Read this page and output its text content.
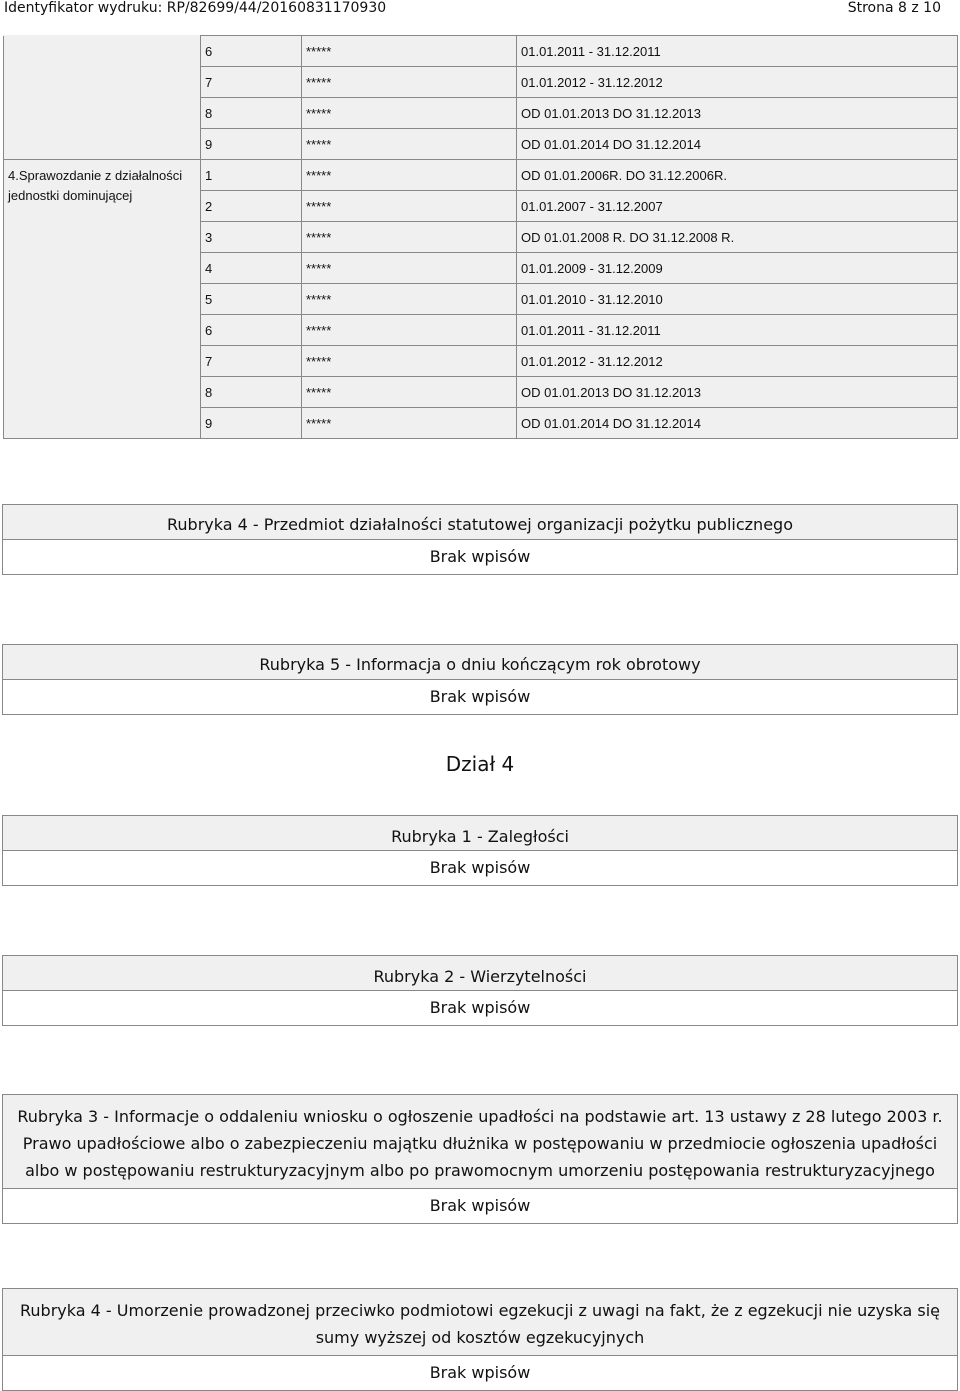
Identyfikator wydruku: RP/82699/44/20160831170930	Strona 8 z 10
	6	*****	01.01.2011 - 31.12.2011
	7	*****	01.01.2012 - 31.12.2012
	8	*****	OD 01.01.2013 DO 31.12.2013
	9	*****	OD 01.01.2014 DO 31.12.2014
4.Sprawozdanie z działalności jednostki dominującej	1	*****	OD 01.01.2006R. DO 31.12.2006R.
	2	*****	01.01.2007 - 31.12.2007
	3	*****	OD 01.01.2008 R. DO 31.12.2008 R.
	4	*****	01.01.2009 - 31.12.2009
	5	*****	01.01.2010 - 31.12.2010
	6	*****	01.01.2011 - 31.12.2011
	7	*****	01.01.2012 - 31.12.2012
	8	*****	OD 01.01.2013 DO 31.12.2013
	9	*****	OD 01.01.2014 DO 31.12.2014
Rubryka 4 - Przedmiot działalności statutowej organizacji pożytku publicznego
Brak wpisów
Rubryka 5 - Informacja o dniu kończącym rok obrotowy
Brak wpisów
Dział 4
Rubryka 1 - Zaległości
Brak wpisów
Rubryka 2 - Wierzytelności
Brak wpisów
Rubryka 3 - Informacje o oddaleniu wniosku o ogłoszenie upadłości na podstawie art. 13 ustawy z 28 lutego 2003 r. Prawo upadłościowe albo o zabezpieczeniu majątku dłużnika w postępowaniu w przedmiocie ogłoszenia upadłości albo w postępowaniu restrukturyzacyjnym albo po prawomocnym umorzeniu postępowania restrukturyzacyjnego
Brak wpisów
Rubryka 4 - Umorzenie prowadzonej przeciwko podmiotowi egzekucji z uwagi na fakt, że z egzekucji nie uzyska się sumy wyższej od kosztów egzekucyjnych
Brak wpisów
